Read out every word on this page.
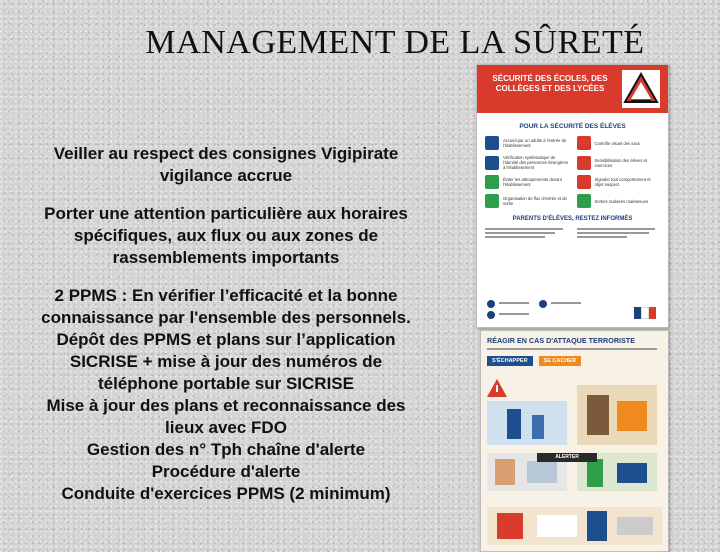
MANAGEMENT DE LA SÛRETÉ

Veiller au respect des consignes Vigipirate vigilance accrue

Porter une attention particulière aux horaires spécifiques, aux flux ou aux zones de rassemblements importants

2 PPMS : En vérifier l’efficacité et la bonne connaissance par l'ensemble des personnels.

Dépôt des PPMS et plans sur l’application SICRISE + mise à jour des numéros de téléphone portable sur SICRISE

Mise à jour des plans et reconnaissance des lieux avec FDO

Gestion des n° Tph chaîne d'alerte

Procédure d'alerte

Conduite d'exercices PPMS (2 minimum)

SÉCURITÉ DES ÉCOLES, DES COLLÈGES ET DES LYCÉES
POUR LA SÉCURITÉ DES ÉLÈVES
Accueil par un adulte à l'entrée de l'établissement	Contrôle visuel des sacs
Vérification systématique de l'identité des personnes étrangères à l'établissement
Sensibilisation des élèves et exercices
Éviter les attroupements devant l'établissement
Signaler tout comportement et objet suspect
Organisation de flux d'entrée et de sortie	Sorties scolaires maintenues
PARENTS D'ÉLÈVES, RESTEZ INFORMÉS
RÉAGIR EN CAS D'ATTAQUE TERRORISTE
S'ÉCHAPPER	SE CACHER
ALERTER
